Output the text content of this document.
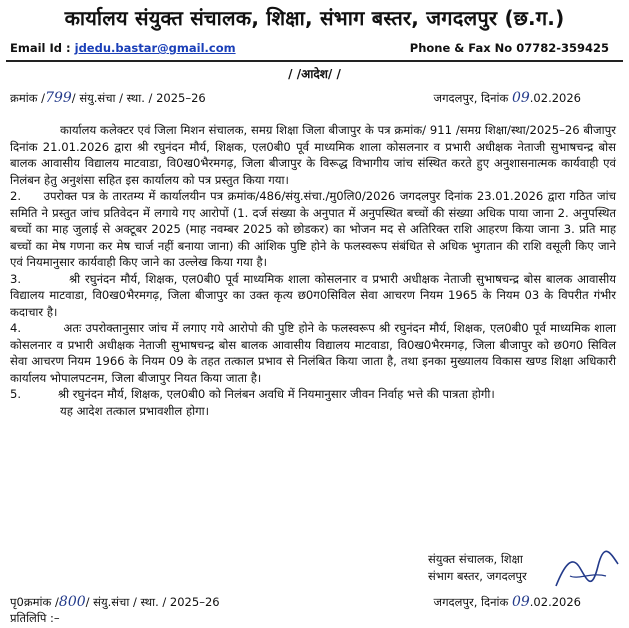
कार्यालय संयुक्त संचालक, शिक्षा, संभाग बस्तर, जगदलपुर (छ.ग.)
Email Id : jdedu.bastar@gmail.com	Phone & Fax No 07782-359425
/ /आदेश/ /
क्रमांक /799/ संयु.संचा / स्था. / 2025–26	जगदलपुर, दिनांक 09.02.2026

कार्यालय कलेक्टर एवं जिला मिशन संचालक, समग्र शिक्षा जिला बीजापुर के पत्र क्रमांक/ 911 /समग्र शिक्षा/स्था/2025–26 बीजापुर दिनांक 21.01.2026 द्वारा श्री रघुनंदन मौर्य, शिक्षक, एल0बी0 पूर्व माध्यमिक शाला कोसलनार व प्रभारी अधीक्षक नेताजी सुभाषचन्द्र बोस बालक आवासीय विद्यालय माटवाडा, वि0ख0भैरमगढ़, जिला बीजापुर के विरूद्ध विभागीय जांच संस्थित करते हुए अनुशासनात्मक कार्यवाही एवं निलंबन हेतु अनुशंसा सहित इस कार्यालय को पत्र प्रस्तुत किया गया।

2.     उपरोक्त पत्र के तारतम्य में कार्यालयीन पत्र क्रमांक/486/संयु.संचा./मु0लि0/2026 जगदलपुर दिनांक 23.01.2026 द्वारा गठित जांच समिति ने प्रस्तुत जांच प्रतिवेदन में लगाये गए आरोपों (1. दर्ज संख्या के अनुपात में अनुपस्थित बच्चों की संख्या अधिक पाया जाना 2. अनुपस्थित बच्चों का माह जुलाई से अक्टूबर 2025 (माह नवम्बर 2025 को छोडकर) का भोजन मद से अतिरिक्त राशि आहरण किया जाना 3. प्रति माह बच्चों का मेष गणना कर मेष चार्ज नहीं बनाया जाना) की आंशिक पुष्टि होने के फलस्वरूप संबंधित से अधिक भुगतान की राशि वसूली किए जाने एवं नियमानुसार कार्यवाही किए जाने का उल्लेख किया गया है।

3.          श्री रघुनंदन मौर्य, शिक्षक, एल0बी0 पूर्व माध्यमिक शाला कोसलनार व प्रभारी अधीक्षक नेताजी सुभाषचन्द्र बोस बालक आवासीय विद्यालय माटवाडा, वि0ख0भैरमगढ़, जिला बीजापुर का उक्त कृत्य छ0ग0सिविल सेवा आचरण नियम 1965 के नियम 03 के विपरीत गंभीर कदाचार है।

4.          अतः उपरोक्तानुसार जांच में लगाए गये आरोपो की पुष्टि होने के फलस्वरूप श्री रघुनंदन मौर्य, शिक्षक, एल0बी0 पूर्व माध्यमिक शाला कोसलनार व प्रभारी अधीक्षक नेताजी सुभाषचन्द्र बोस बालक आवासीय विद्यालय माटवाडा, वि0ख0भैरमगढ़, जिला बीजापुर को छ0ग0 सिविल सेवा आचरण नियम 1966 के नियम 09 के तहत तत्काल प्रभाव से निलंबित किया जाता है, तथा इनका मुख्यालय विकास खण्ड शिक्षा अधिकारी कार्यालय भोपालपटनम, जिला बीजापुर नियत किया जाता है।

5.          श्री रघुनंदन मौर्य, शिक्षक, एल0बी0 को निलंबन अवधि में नियमानुसार जीवन निर्वाह भत्ते की पात्रता होगी।

यह आदेश तत्काल प्रभावशील होगा।

संयुक्त संचालक, शिक्षा
संभाग बस्तर, जगदलपुर
पृ0क्रमांक /800/ संयु.संचा / स्था. / 2025–26	जगदलपुर, दिनांक 09.02.2026
प्रतिलिपि :–
